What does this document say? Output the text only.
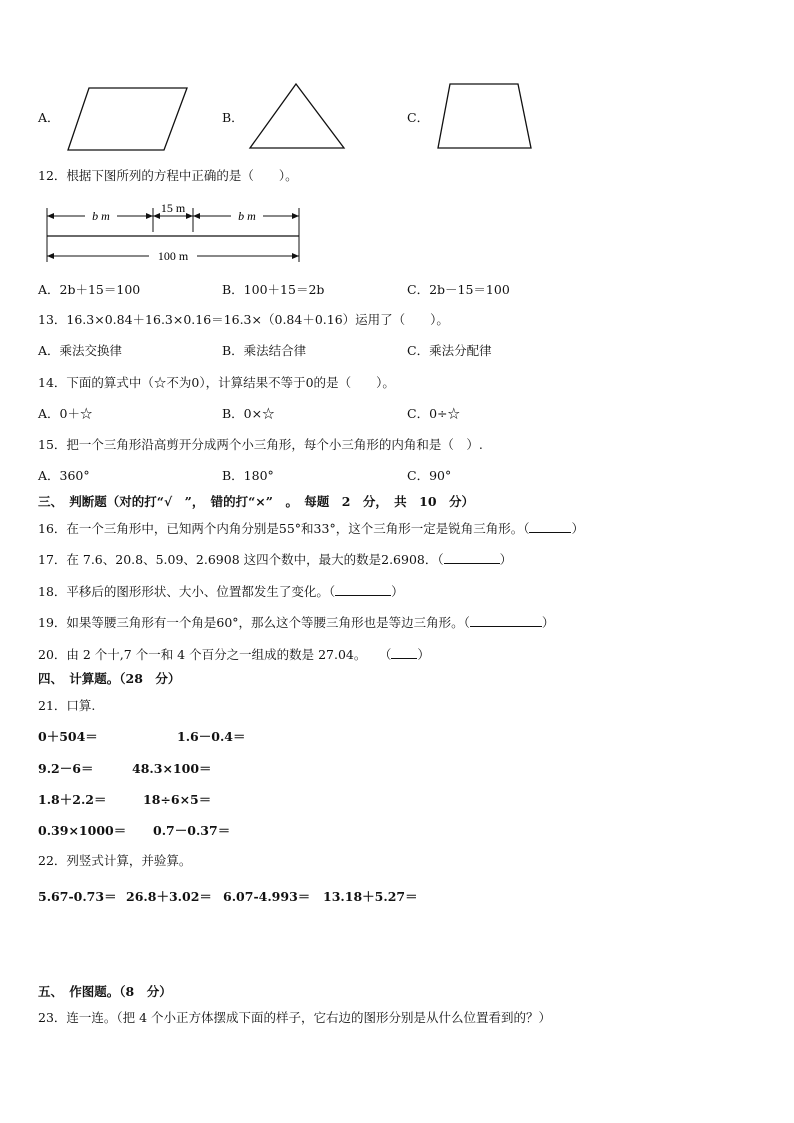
A．	B．	C．
12．根据下图所列的方程中正确的是（　　）。
b m
15 m
b m
100 m
A．2b＋15＝100	B．100＋15＝2b	C．2b－15＝100
13．16.3×0.84＋16.3×0.16＝16.3×（0.84＋0.16）运用了（　　）。
A．乘法交换律	B．乘法结合律	C．乘法分配律
14．下面的算式中（☆不为0），计算结果不等于0的是（　　）。
A．0＋☆	B．0×☆	C．0÷☆
15．把一个三角形沿高剪开分成两个小三角形，每个小三角形的内角和是（　）.
A．360°	B．180°	C．90°
三、　判断题（对的打“√　”，　错的打“×”　。　每题　2　分，　共　10　分）
16．在一个三角形中，已知两个内角分别是55°和33°，这个三角形一定是锐角三角形。（	）
17．在 7.6、20.8、5.09、2.6908 这四个数中，最大的数是2.6908．（	）
18．平移后的图形形状、大小、位置都发生了变化。（	）
19．如果等腰三角形有一个角是60°，那么这个等腰三角形也是等边三角形。（	）
20．由 2 个十,7 个一和 4 个百分之一组成的数是 27.04。　　（ ）
四、　计算题。（28　分）
21．口算.
0＋504＝	1.6－0.4＝
9.2－6＝	48.3×100＝
1.8＋2.2＝	18÷6×5＝
0.39×1000＝ 0.7－0.37＝
22．列竖式计算，并验算。
5.67-0.73＝ 26.8＋3.02＝ 6.07-4.993＝ 13.18＋5.27＝
五、　作图题。（8　分）
23．连一连。（把 4 个小正方体摆成下面的样子，它右边的图形分别是从什么位置看到的？）
